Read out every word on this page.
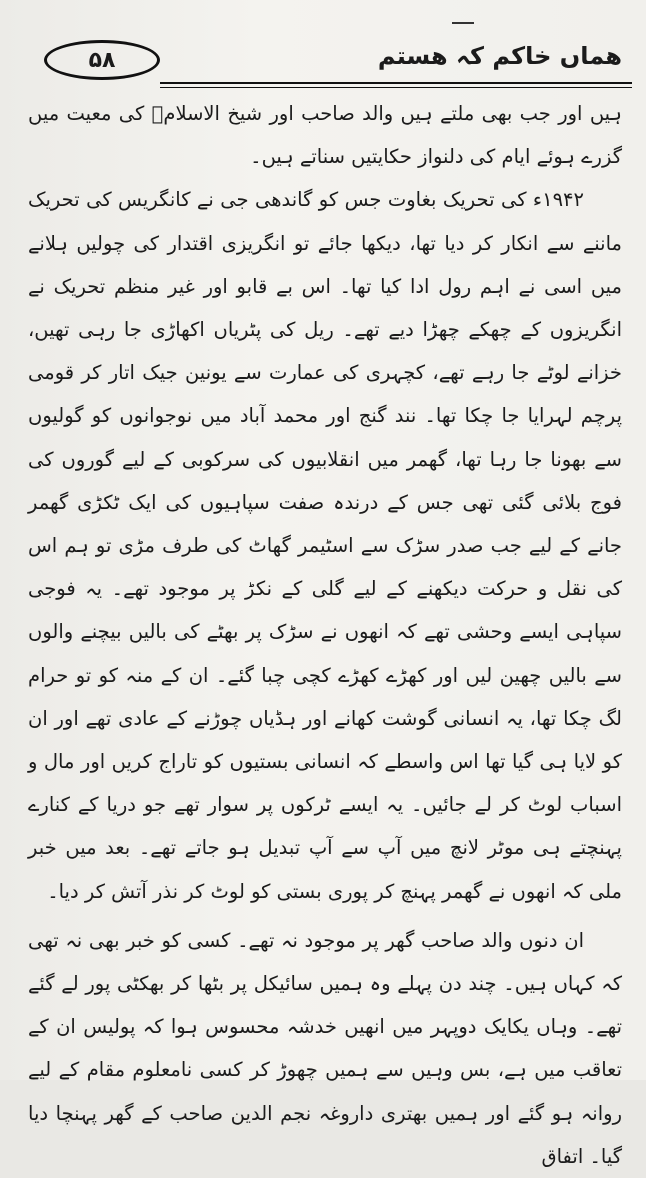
۵۸	ھماں خاکم کہ ھستم

ہیں اور جب بھی ملتے ہیں والد صاحب اور شیخ الاسلامؒ کی معیت میں گزرے ہوئے ایام کی دلنواز حکایتیں سناتے ہیں۔

۱۹۴۲ء کی تحریک بغاوت جس کو گاندھی جی نے کانگریس کی تحریک ماننے سے انکار کر دیا تھا، دیکھا جائے تو انگریزی اقتدار کی چولیں ہلانے میں اسی نے اہم رول ادا کیا تھا۔ اس بے قابو اور غیر منظم تحریک نے انگریزوں کے چھکے چھڑا دیے تھے۔ ریل کی پٹریاں اکھاڑی جا رہی تھیں، خزانے لوٹے جا رہے تھے، کچہری کی عمارت سے یونین جیک اتار کر قومی پرچم لہرایا جا چکا تھا۔ نند گنج اور محمد آباد میں نوجوانوں کو گولیوں سے بھونا جا رہا تھا، گھمر میں انقلابیوں کی سرکوبی کے لیے گوروں کی فوج بلائی گئی تھی جس کے درندہ صفت سپاہیوں کی ایک ٹکڑی گھمر جانے کے لیے جب صدر سڑک سے اسٹیمر گھاٹ کی طرف مڑی تو ہم اس کی نقل و حرکت دیکھنے کے لیے گلی کے نکڑ پر موجود تھے۔ یہ فوجی سپاہی ایسے وحشی تھے کہ انھوں نے سڑک پر بھٹے کی بالیں بیچنے والوں سے بالیں چھین لیں اور کھڑے کھڑے کچی چبا گئے۔ ان کے منہ کو تو حرام لگ چکا تھا، یہ انسانی گوشت کھانے اور ہڈیاں چوڑنے کے عادی تھے اور ان کو لایا ہی گیا تھا اس واسطے کہ انسانی بستیوں کو تاراج کریں اور مال و اسباب لوٹ کر لے جائیں۔ یہ ایسے ٹرکوں پر سوار تھے جو دریا کے کنارے پہنچتے ہی موٹر لانچ میں آپ سے آپ تبدیل ہو جاتے تھے۔ بعد میں خبر ملی کہ انھوں نے گھمر پہنچ کر پوری بستی کو لوٹ کر نذر آتش کر دیا۔

ان دنوں والد صاحب گھر پر موجود نہ تھے۔ کسی کو خبر بھی نہ تھی کہ کہاں ہیں۔ چند دن پہلے وہ ہمیں سائیکل پر بٹھا کر بھکٹی پور لے گئے تھے۔ وہاں یکایک دوپہر میں انھیں خدشہ محسوس ہوا کہ پولیس ان کے تعاقب میں ہے، بس وہیں سے ہمیں چھوڑ کر کسی نامعلوم مقام کے لیے روانہ ہو گئے اور ہمیں بھتری داروغہ نجم الدین صاحب کے گھر پہنچا دیا گیا۔ اتفاق
